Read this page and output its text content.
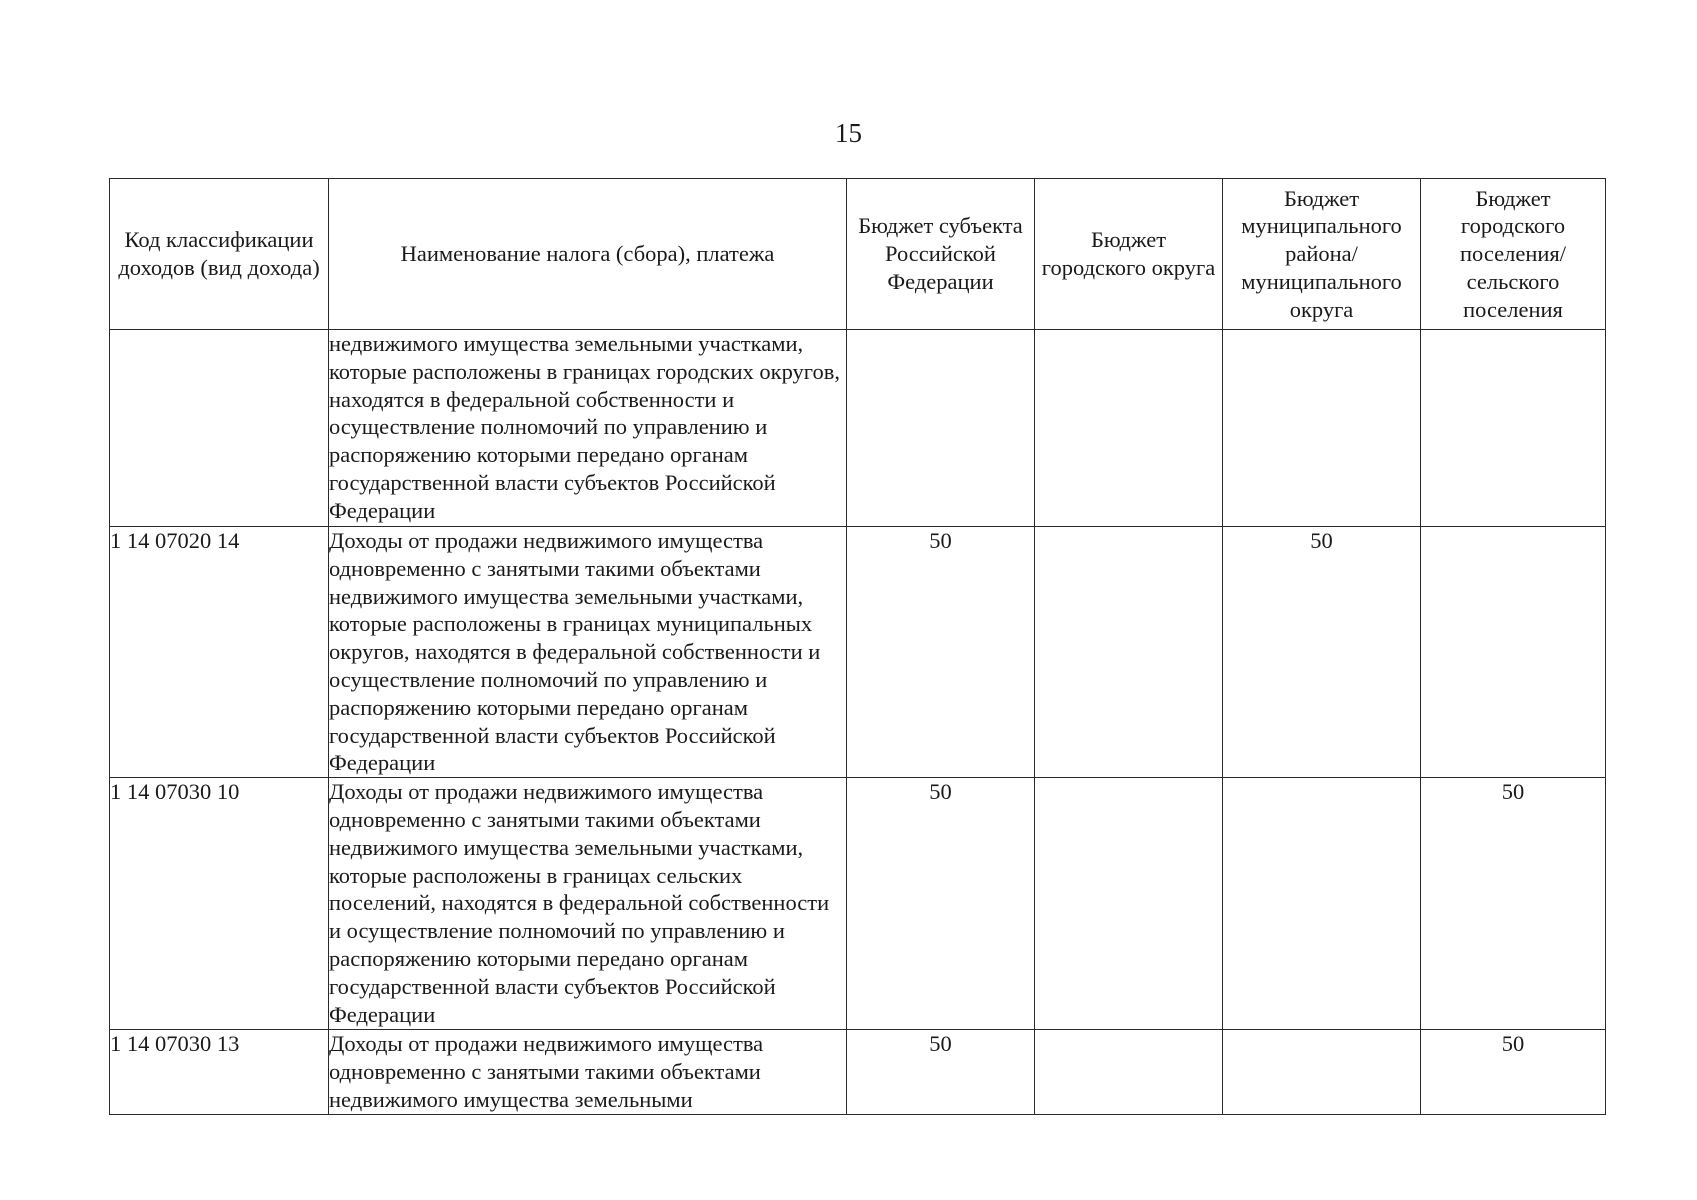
15
Код классификации доходов (вид дохода)	Наименование налога (сбора), платежа	Бюджет субъекта Российской Федерации	Бюджет городского округа	Бюджет муниципального района/ муниципального округа	Бюджет городского поселения/ сельского поселения
	недвижимого имущества земельными участками, которые расположены в границах городских округов, находятся в федеральной собственности и осуществление полномочий по управлению и распоряжению которыми передано органам государственной власти субъектов Российской Федерации				
1 14 07020 14	Доходы от продажи недвижимого имущества одновременно с занятыми такими объектами недвижимого имущества земельными участками, которые расположены в границах муниципальных округов, находятся в федеральной собственности и осуществление полномочий по управлению и распоряжению которыми передано органам государственной власти субъектов Российской Федерации	50		50	
1 14 07030 10	Доходы от продажи недвижимого имущества одновременно с занятыми такими объектами недвижимого имущества земельными участками, которые расположены в границах сельских поселений, находятся в федеральной собственности и осуществление полномочий по управлению и распоряжению которыми передано органам государственной власти субъектов Российской Федерации	50			50
1 14 07030 13	Доходы от продажи недвижимого имущества одновременно с занятыми такими объектами недвижимого имущества земельными	50			50
